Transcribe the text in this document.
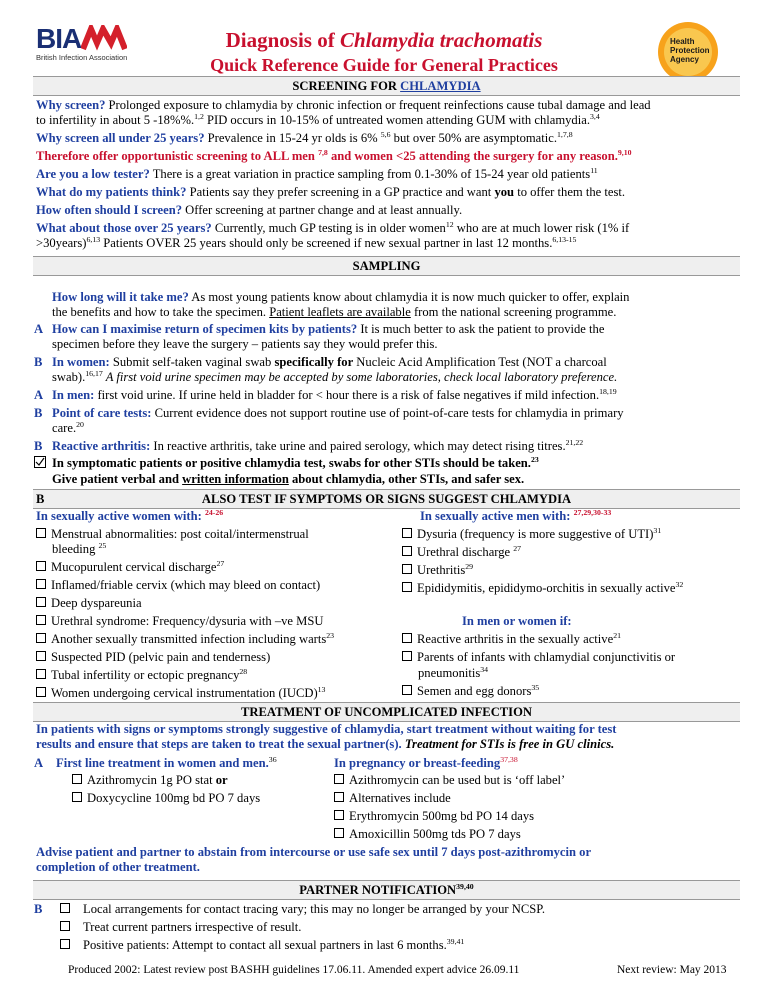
BIA
British Infection Association
Diagnosis of Chlamydia trachomatis
Quick Reference Guide for General Practices
Health
Protection
Agency
SCREENING FOR CHLAMYDIA
Why screen? Prolonged exposure to chlamydia by chronic infection or frequent reinfections cause tubal damage and lead
to infertility in about 5 -18%%.$^{1,2}$ PID occurs in 10-15% of untreated women attending GUM with chlamydia.$^{3,4}$
Why screen all under 25 years? Prevalence in 15-24 yr olds is 6% $^{5,6}$ but over 50% are asymptomatic.$^{1,7,8}$
Therefore offer opportunistic screening to ALL men $^{7,8}$ and women <25 attending the surgery for any reason.$^{9,10}$
Are you a low tester? There is a great variation in practice sampling from 0.1-30% of 15-24 year old patients$^{11}$
What do my patients think? Patients say they prefer screening in a GP practice and want you to offer them the test.
How often should I screen? Offer screening at partner change and at least annually.
What about those over 25 years? Currently, much GP testing is in older women$^{12}$ who are at much lower risk (1% if
>30years)$^{6,13}$ Patients OVER 25 years should only be screened if new sexual partner in last 12 months.$^{6,13-15}$
SAMPLING
How long will it take me? As most young patients know about chlamydia it is now much quicker to offer, explain
the benefits and how to take the specimen. Patient leaflets are available from the national screening programme.
A How can I maximise return of specimen kits by patients? It is much better to ask the patient to provide the
specimen before they leave the surgery – patients say they would prefer this.
B In women: Submit self-taken vaginal swab specifically for Nucleic Acid Amplification Test (NOT a charcoal
swab).$^{16,17}$ A first void urine specimen may be accepted by some laboratories, check local laboratory preference.
A In men: first void urine. If urine held in bladder for < hour there is a risk of false negatives if mild infection.$^{18,19}$
B Point of care tests: Current evidence does not support routine use of point-of-care tests for chlamydia in primary
care.$^{20}$
B Reactive arthritis: In reactive arthritis, take urine and paired serology, which may detect rising titres.$^{21,22}$
In symptomatic patients or positive chlamydia test, swabs for other STIs should be taken.$^{23}$
Give patient verbal and written information about chlamydia, other STIs, and safer sex.
ALSO TEST IF SYMPTOMS OR SIGNS SUGGEST CHLAMYDIA
B
In sexually active women with: $^{24-26}$
Menstrual abnormalities: post coital/intermenstrual
bleeding $^{25}$
Mucopurulent cervical discharge$^{27}$
Inflamed/friable cervix (which may bleed on contact)
Deep dyspareunia
Urethral syndrome: Frequency/dysuria with –ve MSU
Another sexually transmitted infection including warts$^{23}$
Suspected PID (pelvic pain and tenderness)
Tubal infertility or ectopic pregnancy$^{28}$
Women undergoing cervical instrumentation (IUCD)$^{13}$
In sexually active men with: $^{27,29,30-33}$
Dysuria (frequency is more suggestive of UTI)$^{31}$
Urethral discharge $^{27}$
Urethritis$^{29}$
Epididymitis, epididymo-orchitis in sexually active$^{32}$
In men or women if:
Reactive arthritis in the sexually active$^{21}$
Parents of infants with chlamydial conjunctivitis or
pneumonitis$^{34}$
Semen and egg donors$^{35}$
TREATMENT OF UNCOMPLICATED INFECTION
In patients with signs or symptoms strongly suggestive of chlamydia, start treatment without waiting for test
results and ensure that steps are taken to treat the sexual partner(s). Treatment for STIs is free in GU clinics.
A	First line treatment in women and men.$^{36}$
Azithromycin 1g PO stat or
Doxycycline 100mg bd PO 7 days
In pregnancy or breast-feeding$^{37,38}$
Azithromycin can be used but is ‘off label’
Alternatives include
Erythromycin 500mg bd PO 14 days
Amoxicillin 500mg tds PO 7 days
Advise patient and partner to abstain from intercourse or use safe sex until 7 days post-azithromycin or
completion of other treatment.
PARTNER NOTIFICATION$^{39,40}$
B	Local arrangements for contact tracing vary; this may no longer be arranged by your NCSP.
Treat current partners irrespective of result.
Positive patients: Attempt to contact all sexual partners in last 6 months.$^{39,41}$
Produced 2002: Latest review post BASHH guidelines 17.06.11. Amended expert advice 26.09.11	Next review: May 2013
